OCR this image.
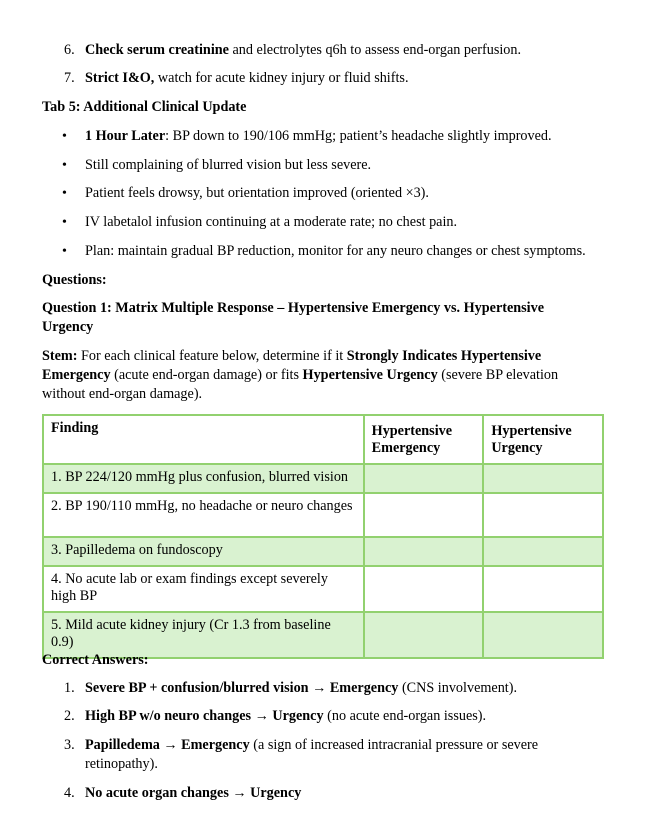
6. Check serum creatinine and electrolytes q6h to assess end-organ perfusion.
7. Strict I&O, watch for acute kidney injury or fluid shifts.
Tab 5: Additional Clinical Update
• 1 Hour Later: BP down to 190/106 mmHg; patient’s headache slightly improved.
• Still complaining of blurred vision but less severe.
• Patient feels drowsy, but orientation improved (oriented ×3).
• IV labetalol infusion continuing at a moderate rate; no chest pain.
• Plan: maintain gradual BP reduction, monitor for any neuro changes or chest symptoms.
Questions:
Question 1: Matrix Multiple Response – Hypertensive Emergency vs. Hypertensive Urgency
Stem: For each clinical feature below, determine if it Strongly Indicates Hypertensive Emergency (acute end-organ damage) or fits Hypertensive Urgency (severe BP elevation without end-organ damage).
Finding	Hypertensive Emergency	Hypertensive Urgency
1. BP 224/120 mmHg plus confusion, blurred vision		
2. BP 190/110 mmHg, no headache or neuro changes		
3. Papilledema on fundoscopy		
4. No acute lab or exam findings except severely high BP		
5. Mild acute kidney injury (Cr 1.3 from baseline 0.9)		
Correct Answers:
1. Severe BP + confusion/blurred vision → Emergency (CNS involvement).
2. High BP w/o neuro changes → Urgency (no acute end-organ issues).
3. Papilledema → Emergency (a sign of increased intracranial pressure or severe retinopathy).
4. No acute organ changes → Urgency
